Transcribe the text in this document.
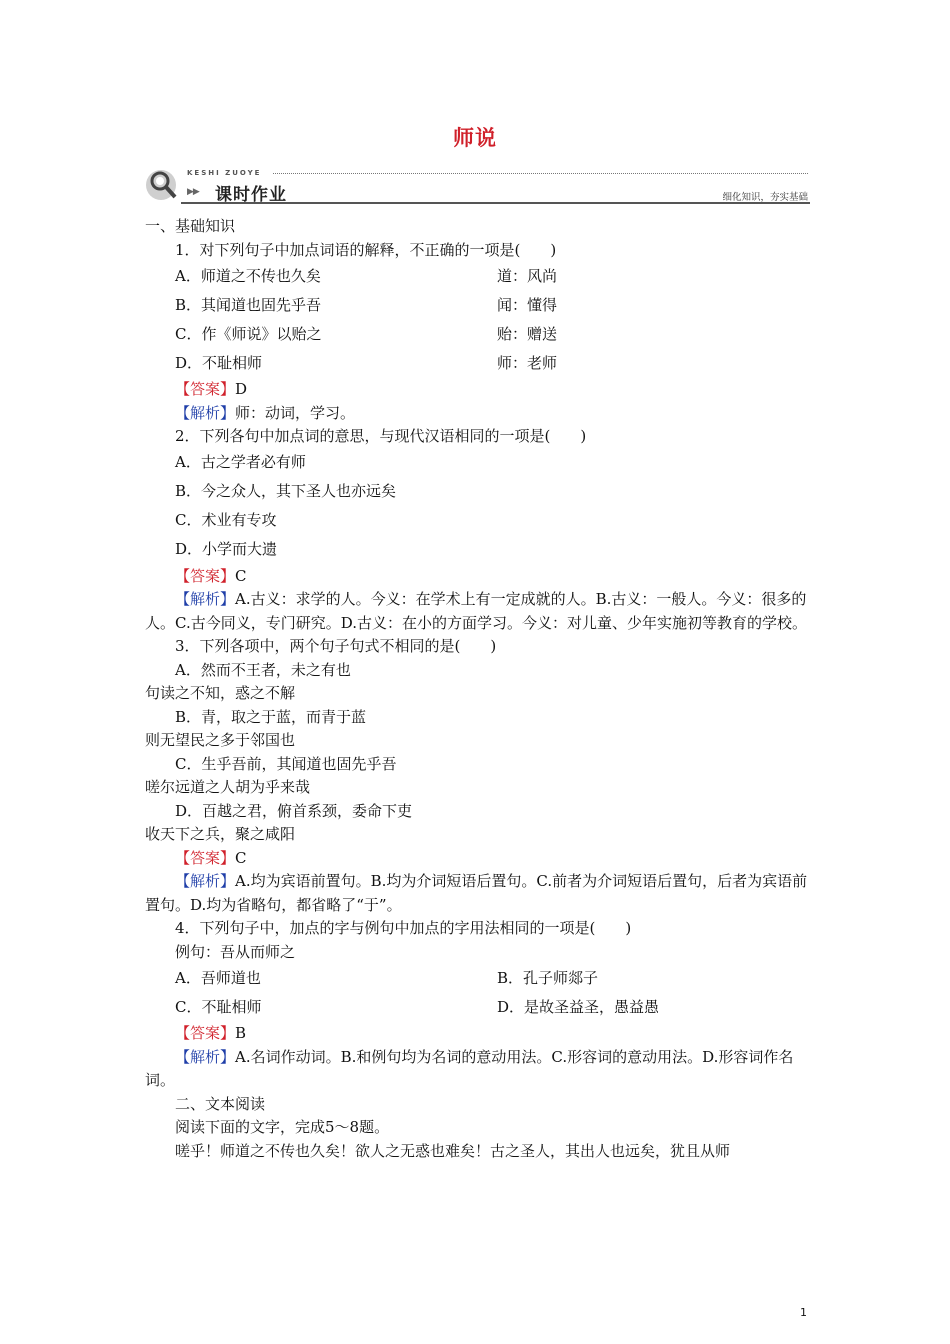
师说
KESHI ZUOYE
▶▶ 课时作业	细化知识，夯实基础

一、基础知识

1．对下列句子中加点词语的解释，不正确的一项是(　　)

A．师道之不传也久矣	道：风尚
B．其闻道也固先乎吾	闻：懂得
C．作《师说》以贻之	贻：赠送
D．不耻相师	师：老师

【答案】D

【解析】师：动词，学习。

2．下列各句中加点词的意思，与现代汉语相同的一项是(　　)

A．古之学者必有师
B．今之众人，其下圣人也亦远矣
C．术业有专攻
D．小学而大遗

【答案】C

【解析】A.古义：求学的人。今义：在学术上有一定成就的人。B.古义：一般人。今义：很多的人。C.古今同义，专门研究。D.古义：在小的方面学习。今义：对儿童、少年实施初等教育的学校。

3．下列各项中，两个句子句式不相同的是(　　)

A．然而不王者，未之有也

句读之不知，惑之不解

B．青，取之于蓝，而青于蓝

则无望民之多于邻国也

C．生乎吾前，其闻道也固先乎吾

嗟尔远道之人胡为乎来哉

D．百越之君，俯首系颈，委命下吏

收天下之兵，聚之咸阳

【答案】C

【解析】A.均为宾语前置句。B.均为介词短语后置句。C.前者为介词短语后置句，后者为宾语前置句。D.均为省略句，都省略了“于”。

4．下列句子中，加点的字与例句中加点的字用法相同的一项是(　　)

例句：吾从而师之

A．吾师道也	B．孔子师郯子
C．不耻相师	D．是故圣益圣，愚益愚

【答案】B

【解析】A.名词作动词。B.和例句均为名词的意动用法。C.形容词的意动用法。D.形容词作名词。

二、文本阅读

阅读下面的文字，完成5～8题。

嗟乎！师道之不传也久矣！欲人之无惑也难矣！古之圣人，其出人也远矣，犹且从师

1
